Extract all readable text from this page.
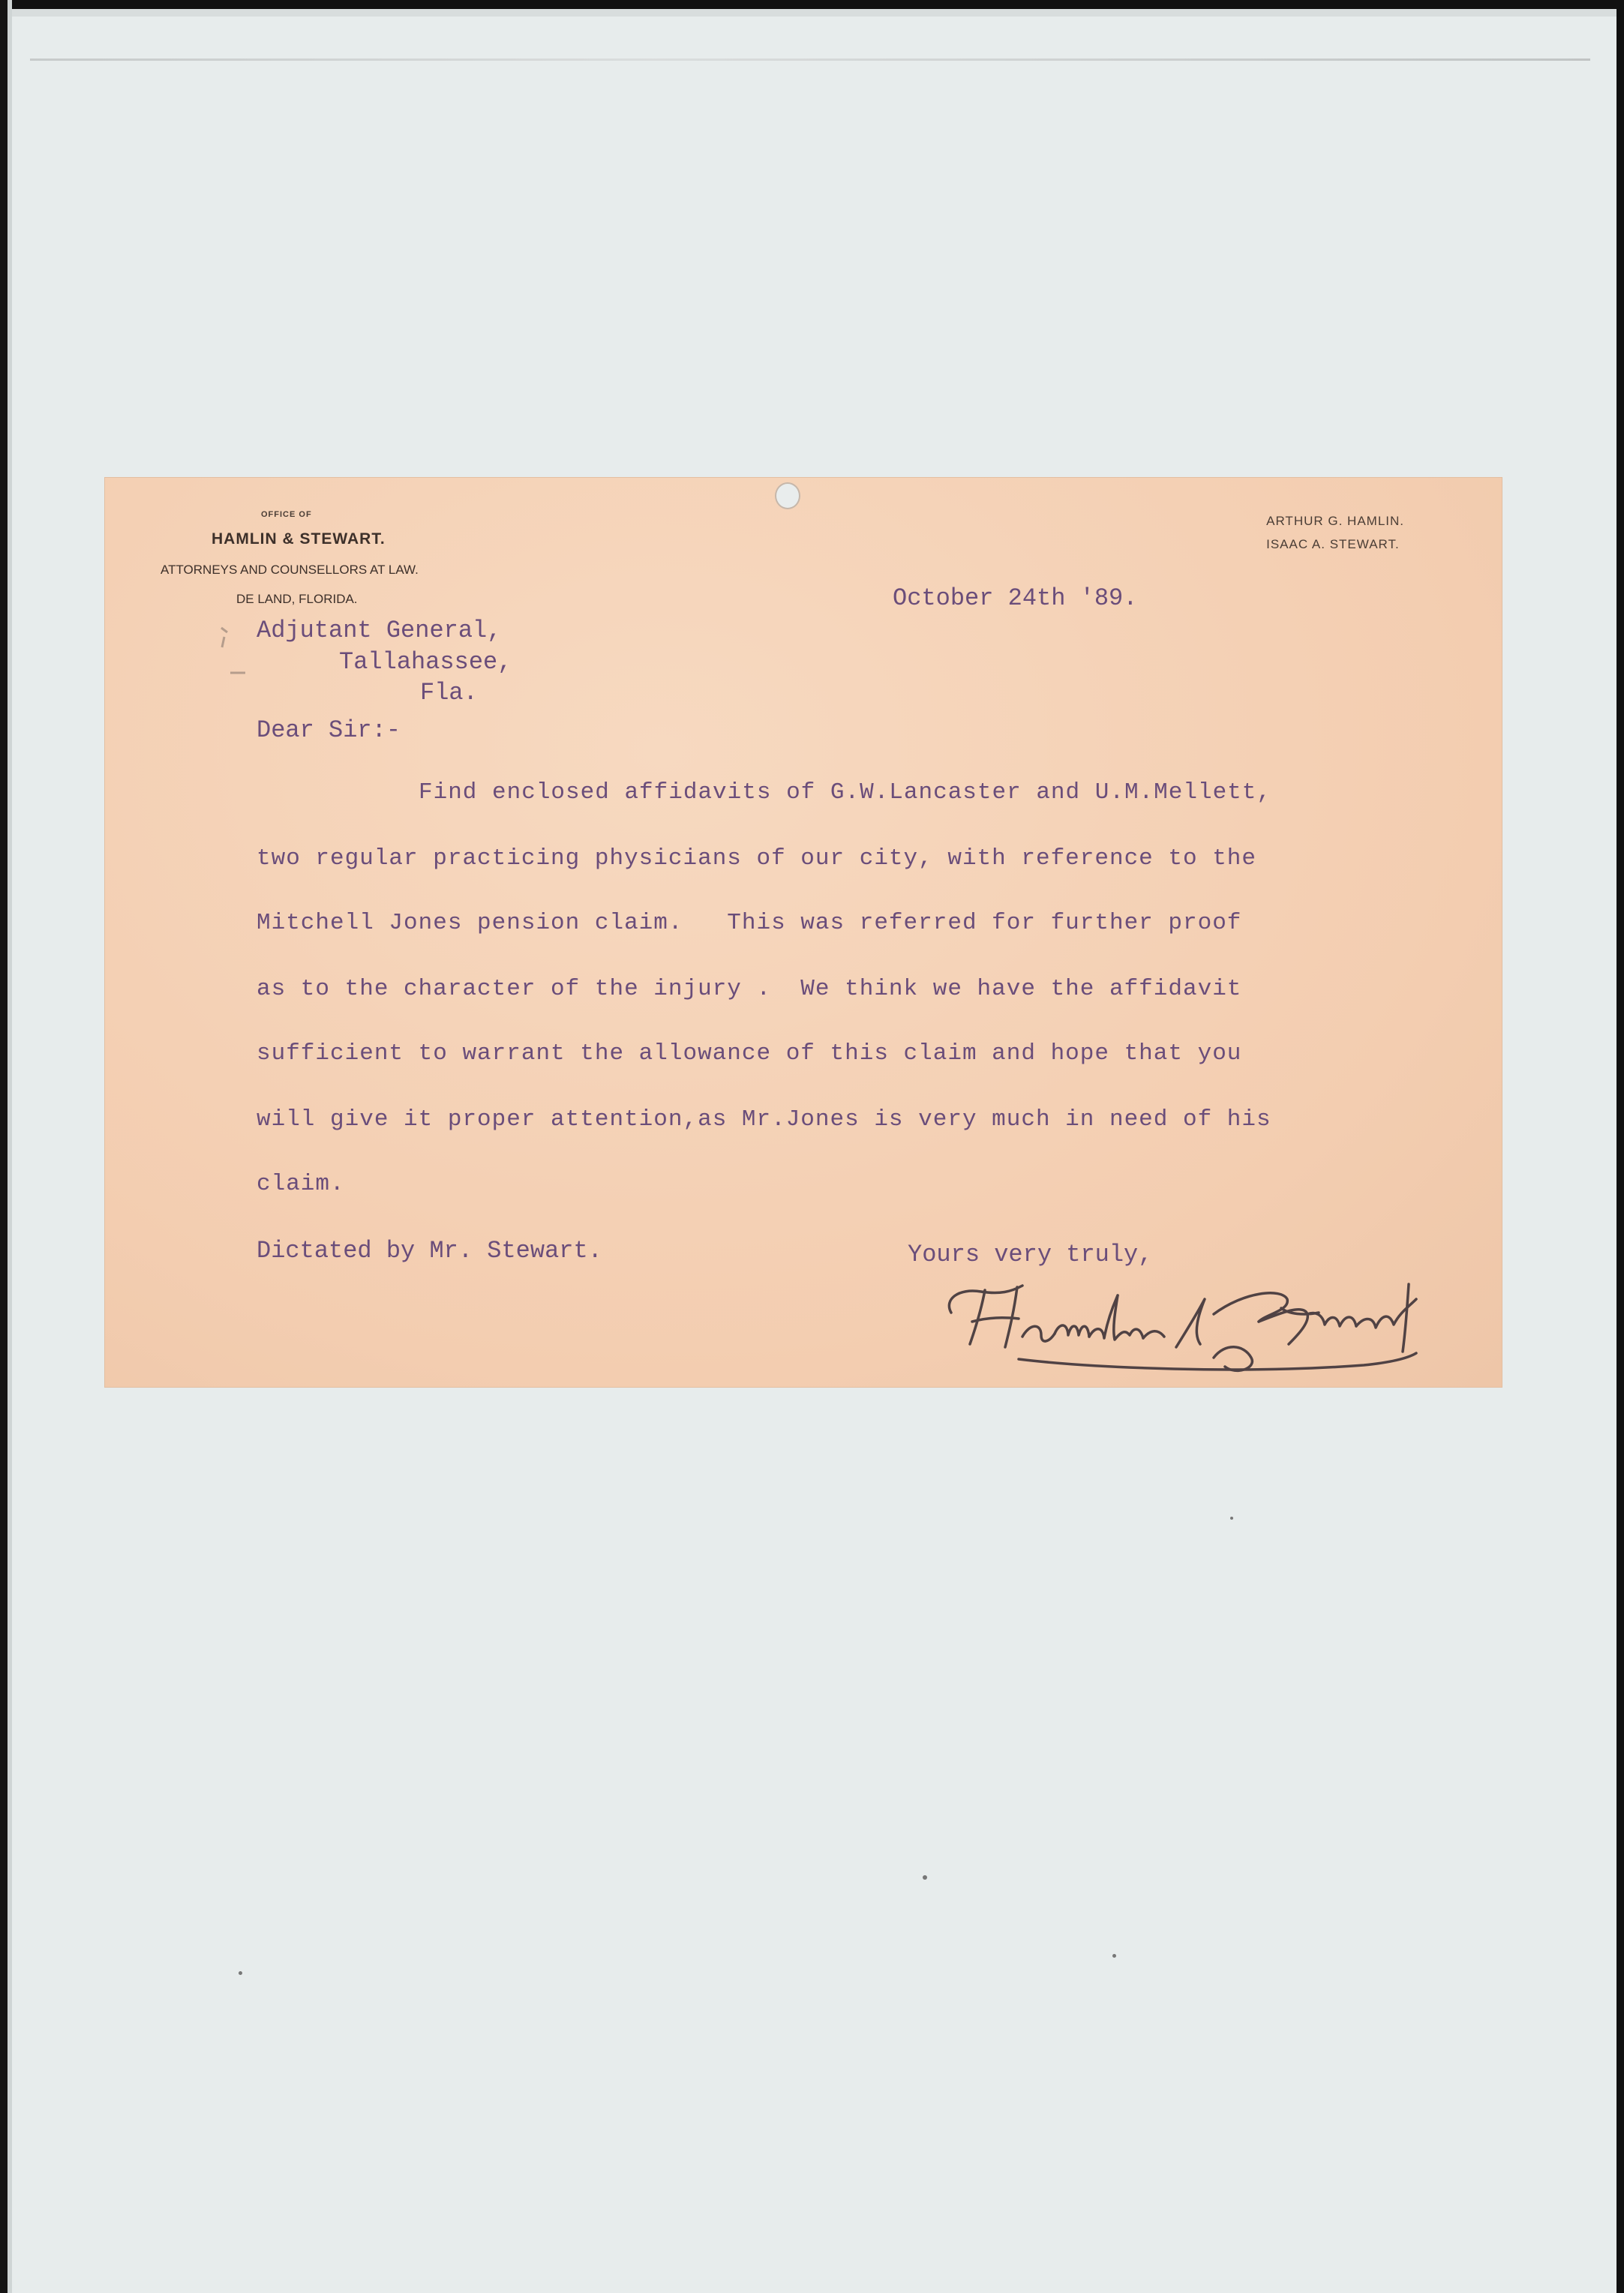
OFFICE OF
HAMLIN & STEWART.
ATTORNEYS AND COUNSELLORS AT LAW.
DE LAND, FLORIDA.
ARTHUR G. HAMLIN.
ISAAC A. STEWART.
October 24th '89.
Adjutant General,
Tallahassee,
Fla.
Dear Sir:-
Find enclosed affidavits of G.W.Lancaster and U.M.Mellett,
two regular practicing physicians of our city, with reference to the
Mitchell Jones pension claim.   This was referred for further proof
as to the character of the injury .  We think we have the affidavit
sufficient to warrant the allowance of this claim and hope that you
will give it proper attention,as Mr.Jones is very much in need of his
claim.
Dictated by Mr. Stewart.	Yours very truly,
Hamlin & Stewart
